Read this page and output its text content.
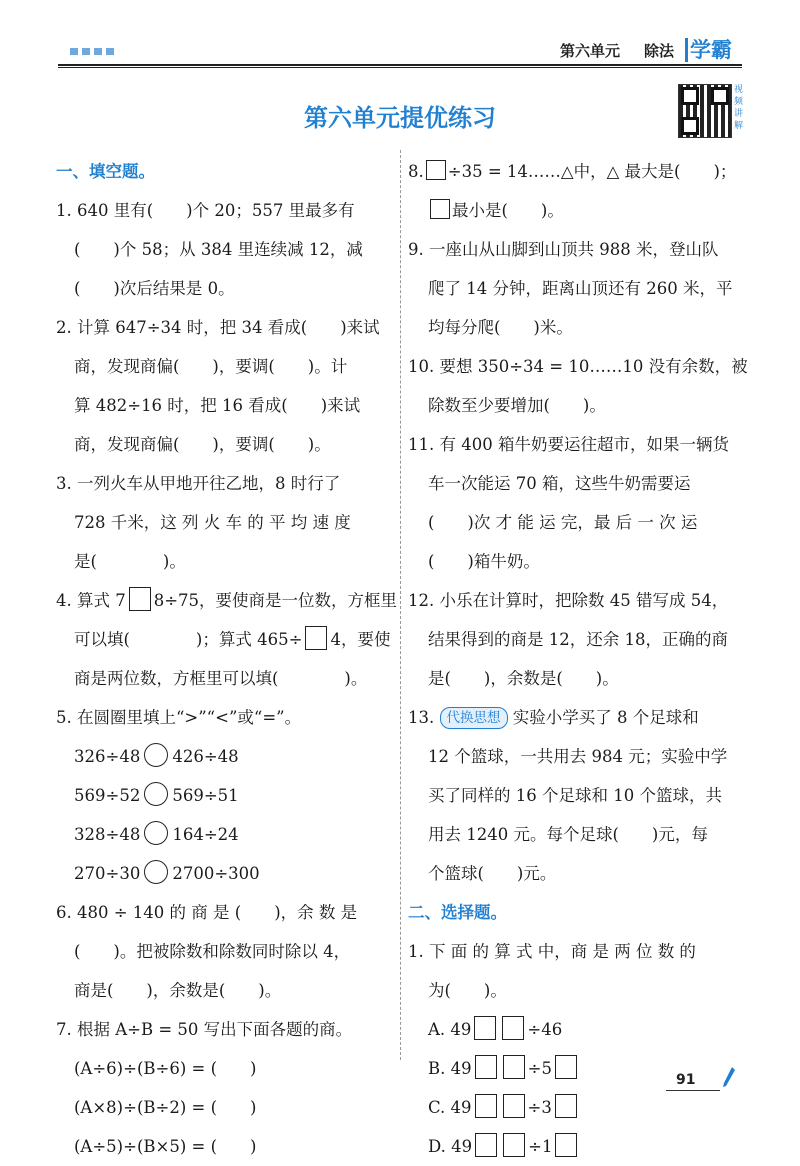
第六单元 除法 学霸
第六单元提优练习
视频讲解
一、填空题。
1. 640 里有(　　)个 20；557 里最多有
(　　)个 58；从 384 里连续减 12，减
(　　)次后结果是 0。
2. 计算 647÷34 时，把 34 看成(　　)来试
商，发现商偏(　　)，要调(　　)。计
算 482÷16 时，把 16 看成(　　)来试
商，发现商偏(　　)，要调(　　)。
3. 一列火车从甲地开往乙地，8 时行了
728 千米，这 列 火 车 的 平 均 速 度
是(　　　　)。
4. 算式 7 8÷75，要使商是一位数，方框里
可以填(　　　　)；算式 465÷ 4，要使
商是两位数，方框里可以填(　　　　)。
5. 在圆圈里填上“>”“<”或“=”。
326÷48 426÷48
569÷52 569÷51
328÷48 164÷24
270÷30 2700÷300
6. 480 ÷ 140 的 商 是 (　　)，余 数 是
(　　)。把被除数和除数同时除以 4，
商是(　　)，余数是(　　)。
7. 根据 A÷B = 50 写出下面各题的商。
(A÷6)÷(B÷6) = (　　)
(A×8)÷(B÷2) = (　　)
(A÷5)÷(B×5) = (　　)
8. ÷35 = 14……△中，△ 最大是(　　)；
最小是(　　)。
9. 一座山从山脚到山顶共 988 米，登山队
爬了 14 分钟，距离山顶还有 260 米，平
均每分爬(　　)米。
10. 要想 350÷34 = 10……10 没有余数，被
除数至少要增加(　　)。
11. 有 400 箱牛奶要运往超市，如果一辆货
车一次能运 70 箱，这些牛奶需要运
(　　)次 才 能 运 完，最 后 一 次 运
(　　)箱牛奶。
12. 小乐在计算时，把除数 45 错写成 54，
结果得到的商是 12，还余 18，正确的商
是(　　)，余数是(　　)。
13. 代换思想 实验小学买了 8 个足球和
12 个篮球，一共用去 984 元；实验中学
买了同样的 16 个足球和 10 个篮球，共
用去 1240 元。每个足球(　　)元，每
个篮球(　　)元。
二、选择题。
1. 下 面 的 算 式 中，商 是 两 位 数 的
为(　　)。
A. 49	÷46
B. 49	÷5
C. 49	÷3
D. 49	÷1
91
